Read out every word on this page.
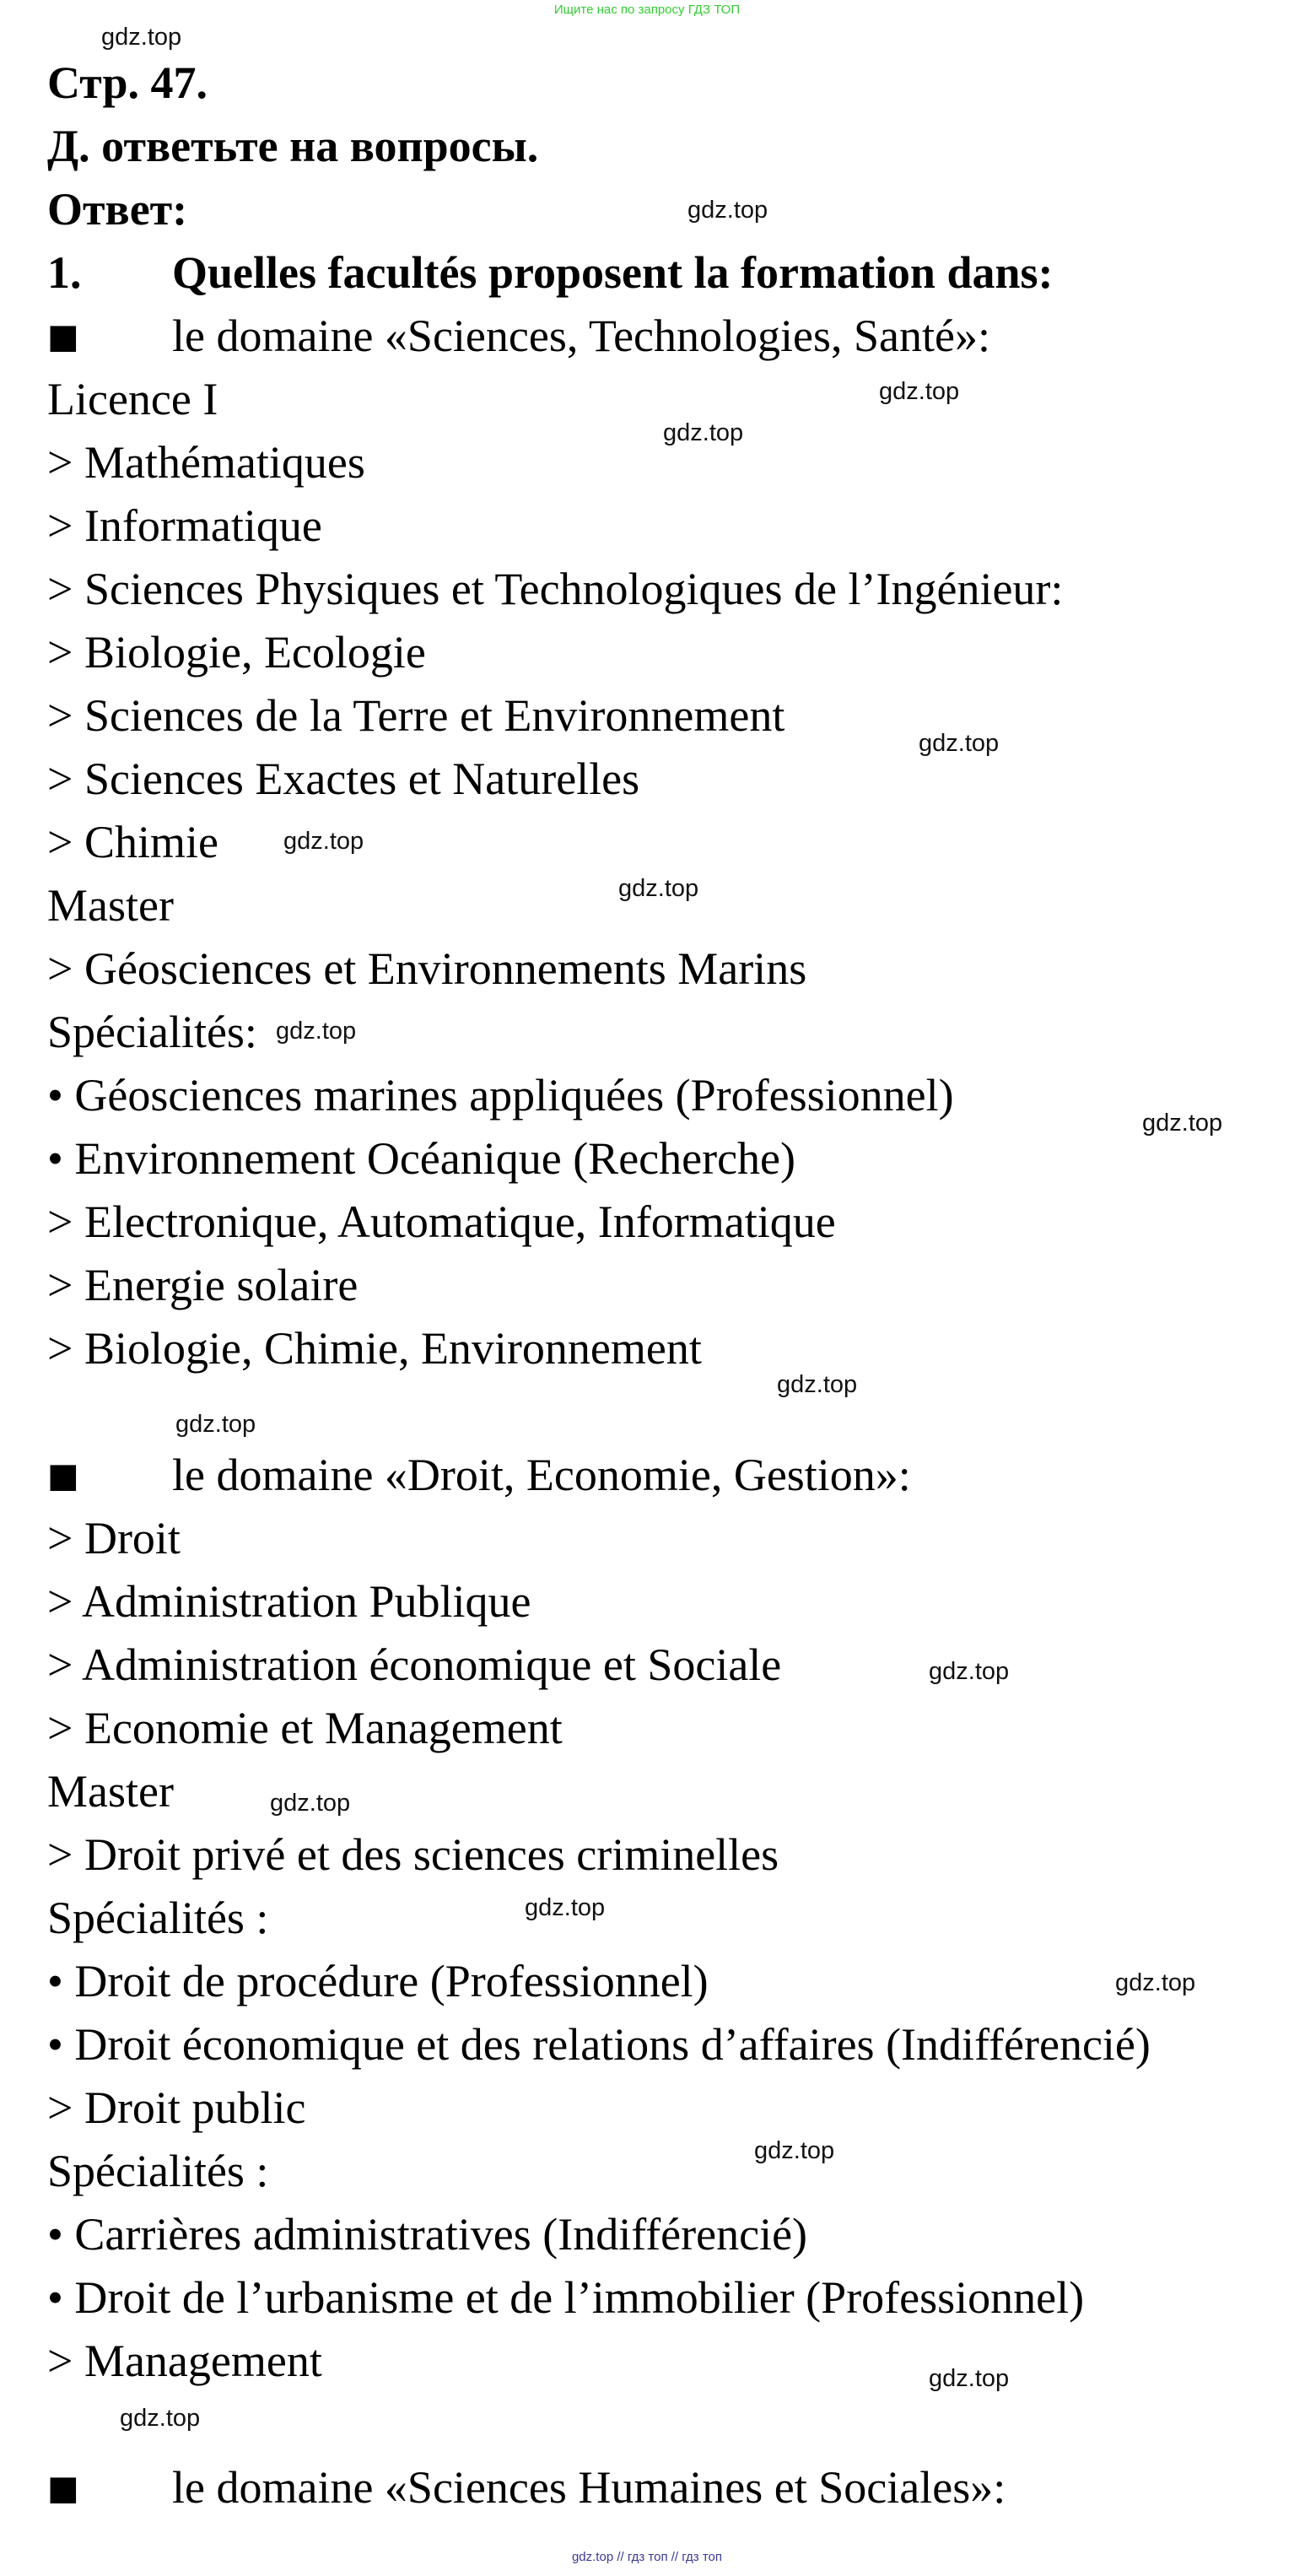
Ищите нас по запросу ГДЗ ТОП
Стр. 47.
Д. ответьте на вопросы.
Ответ:
1. Quelles facultés proposent la formation dans:
■ le domaine «Sciences, Technologies, Santé»:
Licence I
> Mathématiques
> Informatique
> Sciences Physiques et Technologiques de l’Ingénieur:
> Biologie, Ecologie
> Sciences de la Terre et Environnement
> Sciences Exactes et Naturelles
> Chimie
Master
> Géosciences et Environnements Marins
Spécialités:
• Géosciences marines appliquées (Professionnel)
• Environnement Océanique (Recherche)
> Electronique, Automatique, Informatique
> Energie solaire
> Biologie, Chimie, Environnement
■ le domaine «Droit, Economie, Gestion»:
> Droit
> Administration Publique
> Administration économique et Sociale
> Economie et Management
Master
> Droit privé et des sciences criminelles
Spécialités :
• Droit de procédure (Professionnel)
• Droit économique et des relations d’affaires (Indifférencié)
> Droit public
Spécialités :
• Carrières administratives (Indifférencié)
• Droit de l’urbanisme et de l’immobilier (Professionnel)
> Management
■ le domaine «Sciences Humaines et Sociales»:
gdz.top
gdz.top
gdz.top
gdz.top
gdz.top
gdz.top
gdz.top
gdz.top
gdz.top
gdz.top
gdz.top
gdz.top
gdz.top
gdz.top
gdz.top
gdz.top
gdz.top
gdz.top
gdz.top // гдз топ // гдз топ
